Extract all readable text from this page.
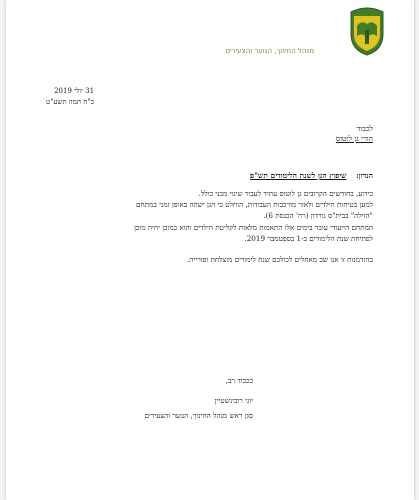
מנהל החינוך, הנוער והצעירים
31 יולי 2019
כ"ח תמוז תשע"ט
לכבוד
הורי גן לוטוס
הנדון:    שיפוץ הגן לשנת הלימודים תש"פ
כידוע, בחודשים הקרובים גן לוטוס עתיד לעבור שינוי מבני כולל.
למען בטיחות הילדים ולאור מורכבות העבודות, הוחלט כי הגן ישהה באופן זמני במתחם
"הזילה" בבית"ס גורדון (רח' הכנסת 6).
המתחם הייעודי עובר בימים אלו התאמות מלאות לקליטת הילדים והוא כמובן יהיה מוכן
לפתיחת שנת הלימודים ב-1 בספטמבר 2019.
בהזדמנות זו אנו שב מאחלים לכולכם שנת לימודים מוצלחת ופורייה.
בכבוד רב,
יוני רובינשטיין
סגן ראש מנהל החינוך, הנוער והצעירים
